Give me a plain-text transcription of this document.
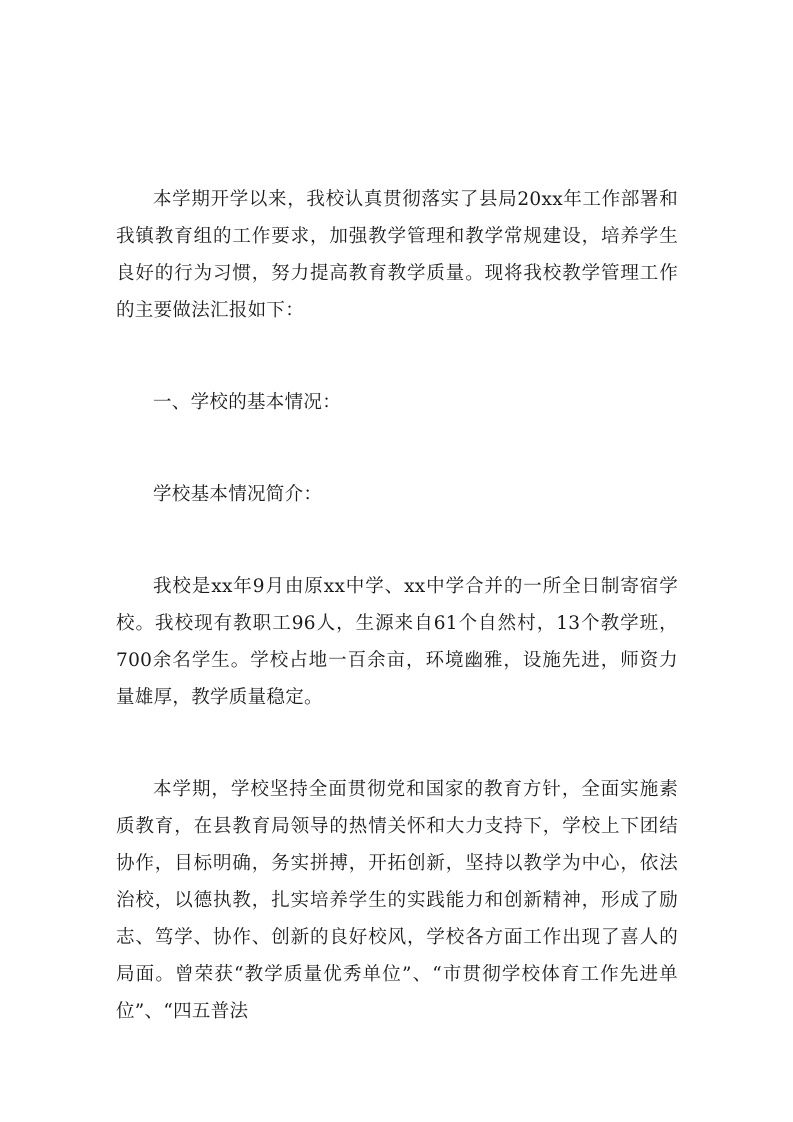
本学期开学以来，我校认真贯彻落实了县局20xx年工作部署和我镇教育组的工作要求，加强教学管理和教学常规建设，培养学生良好的行为习惯，努力提高教育教学质量。现将我校教学管理工作的主要做法汇报如下：

一、学校的基本情况：

学校基本情况简介：

我校是xx年9月由原xx中学、xx中学合并的一所全日制寄宿学校。我校现有教职工96人，生源来自61个自然村，13个教学班，700余名学生。学校占地一百余亩，环境幽雅，设施先进，师资力量雄厚，教学质量稳定。

本学期，学校坚持全面贯彻党和国家的教育方针，全面实施素质教育，在县教育局领导的热情关怀和大力支持下，学校上下团结协作，目标明确，务实拼搏，开拓创新，坚持以教学为中心，依法治校，以德执教，扎实培养学生的实践能力和创新精神，形成了励志、笃学、协作、创新的良好校风，学校各方面工作出现了喜人的局面。曾荣获“教学质量优秀单位”、“市贯彻学校体育工作先进单位”、“四五普法
